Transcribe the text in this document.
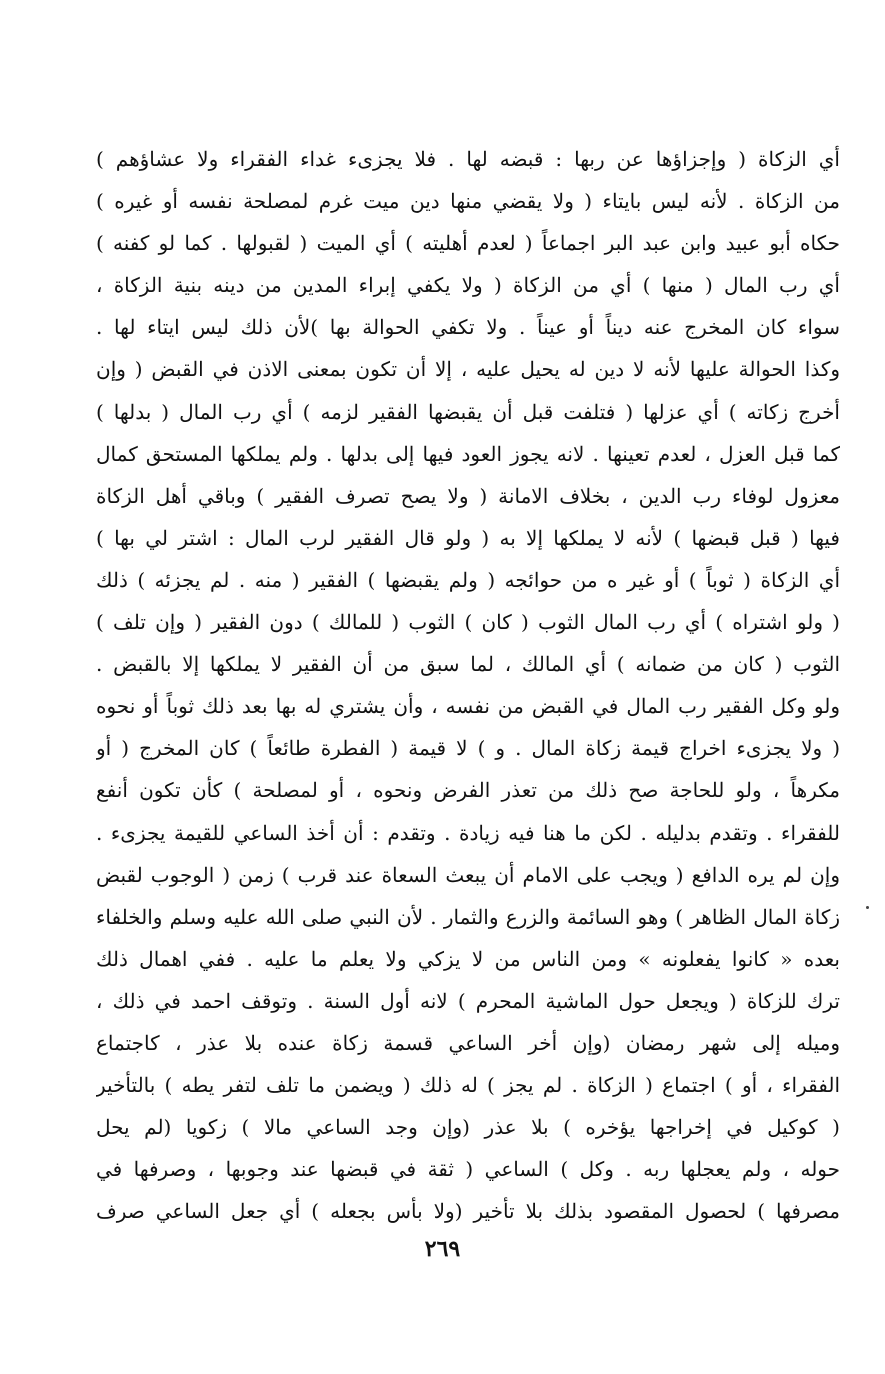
أي الزكاة ( وإجزاؤها عن ربها : قبضه لها . فلا يجزىء غداء الفقراء ولا عشاؤهم )
من الزكاة . لأنه ليس بايتاء ( ولا يقضي منها دين ميت غرم لمصلحة نفسه أو غيره )
حكاه أبو عبيد وابن عبد البر اجماعاً ( لعدم أهليته ) أي الميت ( لقبولها . كما لو كفنه )
أي رب المال ( منها ) أي من الزكاة ( ولا يكفي إبراء المدين من دينه بنية الزكاة ،
سواء كان المخرج عنه ديناً أو عيناً . ولا تكفي الحوالة بها )لأن ذلك ليس ايتاء لها .
وكذا الحوالة عليها لأنه لا دين له يحيل عليه ، إلا أن تكون بمعنى الاذن في القبض ( وإن
أخرج زكاته ) أي عزلها ( فتلفت قبل أن يقبضها الفقير لزمه ) أي رب المال ( بدلها )
كما قبل العزل ، لعدم تعينها . لانه يجوز العود فيها إلى بدلها . ولم يملكها المستحق كمال
معزول لوفاء رب الدين ، بخلاف الامانة ( ولا يصح تصرف الفقير ) وباقي أهل الزكاة
فيها ( قبل قبضها ) لأنه لا يملكها إلا به ( ولو قال الفقير لرب المال : اشتر لي بها )
أي الزكاة ( ثوباً ) أو غير ه من حوائجه ( ولم يقبضها ) الفقير ( منه . لم يجزئه ) ذلك
( ولو اشتراه ) أي رب المال الثوب ( كان ) الثوب ( للمالك ) دون الفقير ( وإن تلف )
الثوب ( كان من ضمانه ) أي المالك ، لما سبق من أن الفقير لا يملكها إلا بالقبض .
ولو وكل الفقير رب المال في القبض من نفسه ، وأن يشتري له بها بعد ذلك ثوباً أو نحوه
( ولا يجزىء اخراج قيمة زكاة المال . و ) لا قيمة ( الفطرة طائعاً ) كان المخرج ( أو
مكرهاً ، ولو للحاجة صح ذلك من تعذر الفرض ونحوه ، أو لمصلحة ) كأن تكون أنفع
للفقراء . وتقدم بدليله . لكن ما هنا فيه زيادة . وتقدم : أن أخذ الساعي للقيمة يجزىء .
وإن لم يره الدافع ( ويجب على الامام أن يبعث السعاة عند قرب ) زمن ( الوجوب لقبض
زكاة المال الظاهر ) وهو السائمة والزرع والثمار . لأن النبي صلى الله عليه وسلم والخلفاء
بعده « كانوا يفعلونه » ومن الناس من لا يزكي ولا يعلم ما عليه . ففي اهمال ذلك
ترك للزكاة ( ويجعل حول الماشية المحرم ) لانه أول السنة . وتوقف احمد في ذلك ،
وميله إلى شهر رمضان (وإن أخر الساعي قسمة زكاة عنده بلا عذر ، كاجتماع
الفقراء ، أو ) اجتماع ( الزكاة . لم يجز ) له ذلك ( ويضمن ما تلف لتفر يطه ) بالتأخير
( كوكيل في إخراجها يؤخره ) بلا عذر (وإن وجد الساعي مالا ) زكويا (لم يحل
حوله ، ولم يعجلها ربه . وكل ) الساعي ( ثقة في قبضها عند وجوبها ، وصرفها في
مصرفها ) لحصول المقصود بذلك بلا تأخير (ولا بأس بجعله ) أي جعل الساعي صرف
٢٦٩
